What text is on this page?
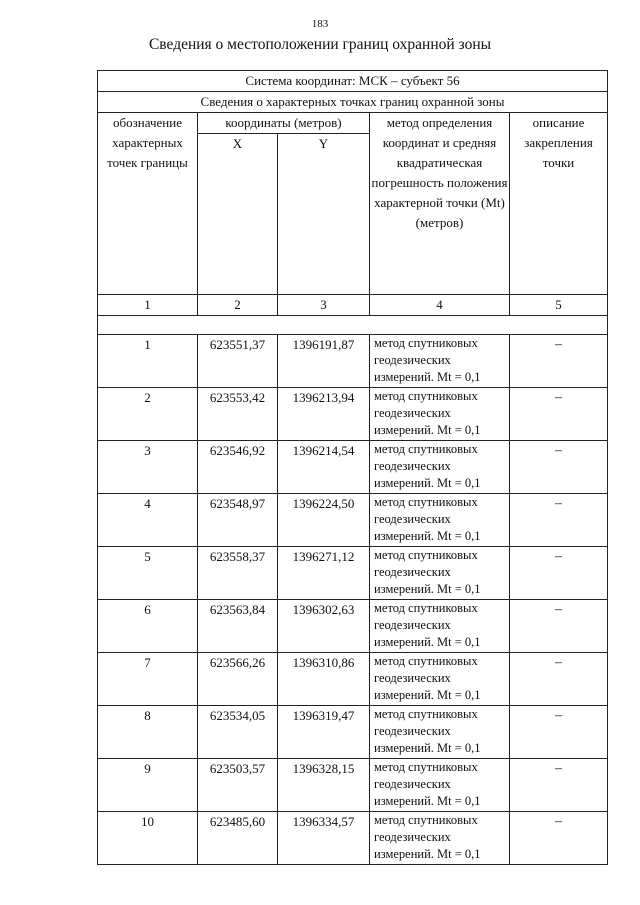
183
Сведения о местоположении границ охранной зоны
Система координат: МСК – субъект 56				
Сведения о характерных точках границ охранной зоны				
обозначение характерных точек границы	координаты (метров)		метод определения координат и средняя квадратическая погрешность положения характерной точки (Mt) (метров)	описание закрепления точки
	X	Y		
1	2	3	4	5

1	623551,37	1396191,87	метод спутниковых геодезических измерений. Mt = 0,1	–
2	623553,42	1396213,94	метод спутниковых геодезических измерений. Mt = 0,1	–
3	623546,92	1396214,54	метод спутниковых геодезических измерений. Mt = 0,1	–
4	623548,97	1396224,50	метод спутниковых геодезических измерений. Mt = 0,1	–
5	623558,37	1396271,12	метод спутниковых геодезических измерений. Mt = 0,1	–
6	623563,84	1396302,63	метод спутниковых геодезических измерений. Mt = 0,1	–
7	623566,26	1396310,86	метод спутниковых геодезических измерений. Mt = 0,1	–
8	623534,05	1396319,47	метод спутниковых геодезических измерений. Mt = 0,1	–
9	623503,57	1396328,15	метод спутниковых геодезических измерений. Mt = 0,1	–
10	623485,60	1396334,57	метод спутниковых геодезических измерений. Mt = 0,1	–
